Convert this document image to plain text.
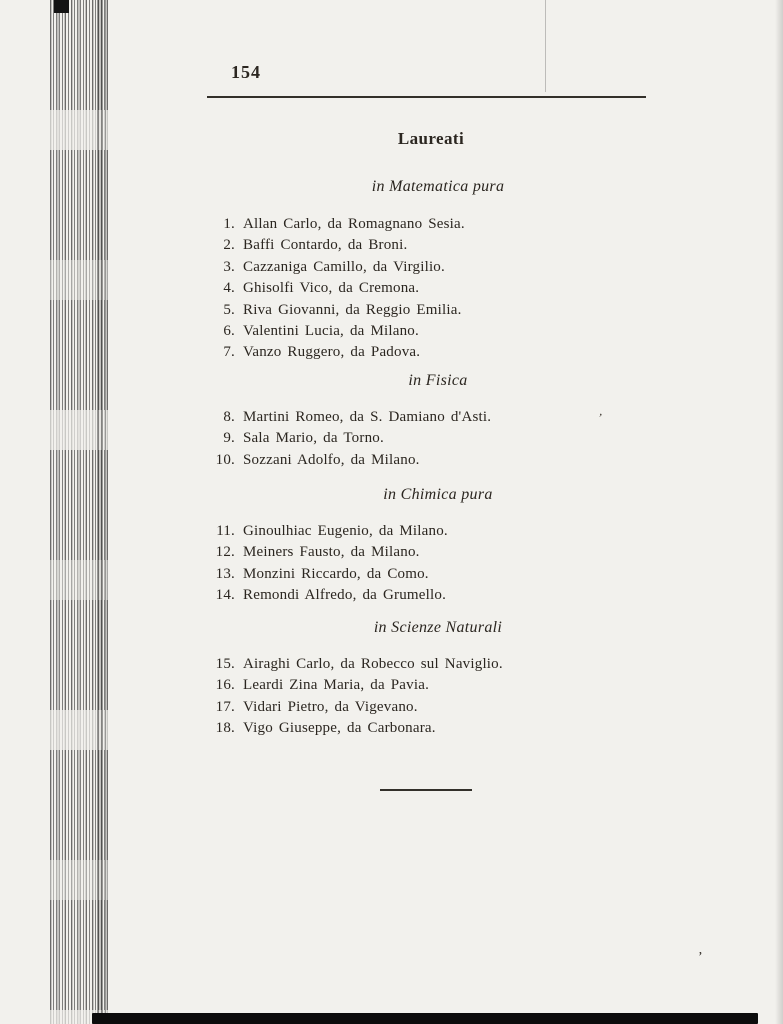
,
’
154
Laureati
in Matematica pura
1. Allan Carlo, da Romagnano Sesia.
2. Baffi Contardo, da Broni.
3. Cazzaniga Camillo, da Virgilio.
4. Ghisolfi Vico, da Cremona.
5. Riva Giovanni, da Reggio Emilia.
6. Valentini Lucia, da Milano.
7. Vanzo Ruggero, da Padova.
in Fisica
8. Martini Romeo, da S. Damiano d'Asti.
9. Sala Mario, da Torno.
10. Sozzani Adolfo, da Milano.
in Chimica pura
11. Ginoulhiac Eugenio, da Milano.
12. Meiners Fausto, da Milano.
13. Monzini Riccardo, da Como.
14. Remondi Alfredo, da Grumello.
in Scienze Naturali
15. Airaghi Carlo, da Robecco sul Naviglio.
16. Leardi Zina Maria, da Pavia.
17. Vidari Pietro, da Vigevano.
18. Vigo Giuseppe, da Carbonara.
